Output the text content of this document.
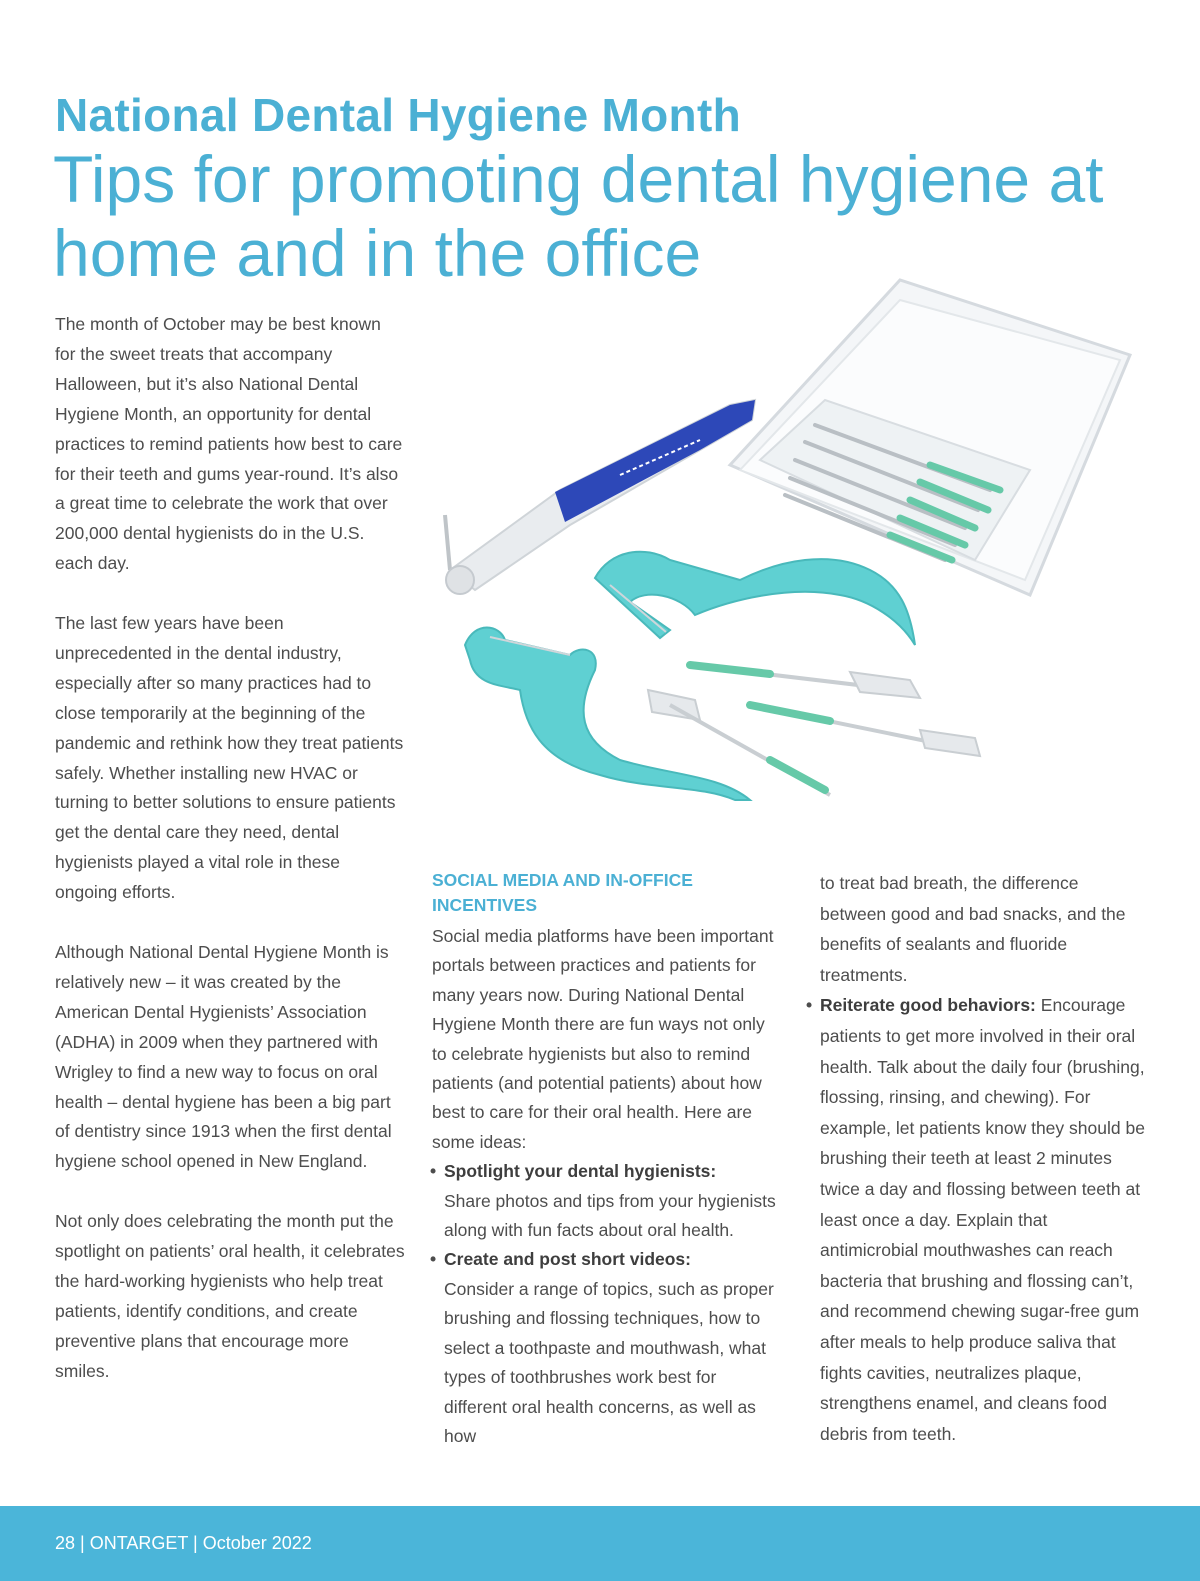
National Dental Hygiene Month
Tips for promoting dental hygiene at home and in the office

The month of October may be best known for the sweet treats that accompany Halloween, but it’s also National Dental Hygiene Month, an opportunity for dental practices to remind patients how best to care for their teeth and gums year-round. It’s also a great time to celebrate the work that over 200,000 dental hygienists do in the U.S. each day.

The last few years have been unprecedented in the dental industry, especially after so many practices had to close temporarily at the beginning of the pandemic and rethink how they treat patients safely. Whether installing new HVAC or turning to better solutions to ensure patients get the dental care they need, dental hygienists played a vital role in these ongoing efforts.

Although National Dental Hygiene Month is relatively new – it was created by the American Dental Hygienists’ Association (ADHA) in 2009 when they partnered with Wrigley to find a new way to focus on oral health – dental hygiene has been a big part of dentistry since 1913 when the first dental hygiene school opened in New England.

Not only does celebrating the month put the spotlight on patients’ oral health, it celebrates the hard-working hygienists who help treat patients, identify conditions, and create preventive plans that encourage more smiles.

SOCIAL MEDIA AND IN-OFFICE INCENTIVES

Social media platforms have been important portals between practices and patients for many years now. During National Dental Hygiene Month there are fun ways not only to celebrate hygienists but also to remind patients (and potential patients) about how best to care for their oral health. Here are some ideas:

• Spotlight your dental hygienists:
Share photos and tips from your hygienists along with fun facts about oral health.

• Create and post short videos:
Consider a range of topics, such as proper brushing and flossing techniques, how to select a toothpaste and mouthwash, what types of toothbrushes work best for different oral health concerns, as well as how

to treat bad breath, the difference between good and bad snacks, and the benefits of sealants and fluoride treatments.

• Reiterate good behaviors: Encourage patients to get more involved in their oral health. Talk about the daily four (brushing, flossing, rinsing, and chewing). For example, let patients know they should be brushing their teeth at least 2 minutes twice a day and flossing between teeth at least once a day. Explain that antimicrobial mouthwashes can reach bacteria that brushing and flossing can’t, and recommend chewing sugar-free gum after meals to help produce saliva that fights cavities, neutralizes plaque, strengthens enamel, and cleans food debris from teeth.

28 | ONTARGET | October 2022
